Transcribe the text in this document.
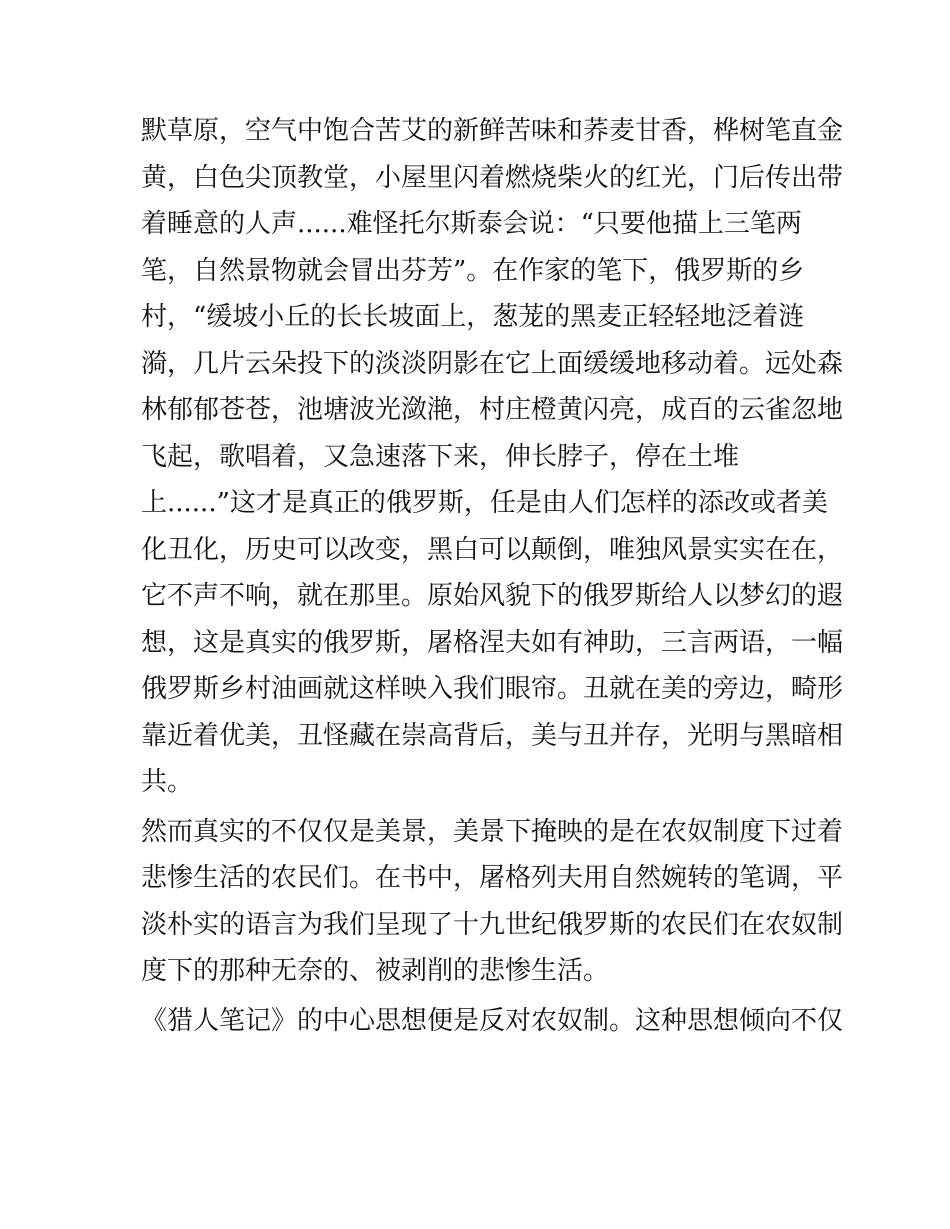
默草原，空气中饱合苦艾的新鲜苦味和荞麦甘香，桦树笔直金
黄，白色尖顶教堂，小屋里闪着燃烧柴火的红光，门后传出带
着睡意的人声......难怪托尔斯泰会说：“只要他描上三笔两
笔，自然景物就会冒出芬芳”。在作家的笔下，俄罗斯的乡
村，“缓坡小丘的长长坡面上，葱茏的黑麦正轻轻地泛着涟
漪，几片云朵投下的淡淡阴影在它上面缓缓地移动着。远处森
林郁郁苍苍，池塘波光潋滟，村庄橙黄闪亮，成百的云雀忽地
飞起，歌唱着，又急速落下来，伸长脖子，停在土堆
上......”这才是真正的俄罗斯，任是由人们怎样的添改或者美
化丑化，历史可以改变，黑白可以颠倒，唯独风景实实在在，
它不声不响，就在那里。原始风貌下的俄罗斯给人以梦幻的遐
想，这是真实的俄罗斯，屠格涅夫如有神助，三言两语，一幅
俄罗斯乡村油画就这样映入我们眼帘。丑就在美的旁边，畸形
靠近着优美，丑怪藏在崇高背后，美与丑并存，光明与黑暗相
共。
然而真实的不仅仅是美景，美景下掩映的是在农奴制度下过着
悲惨生活的农民们。在书中，屠格列夫用自然婉转的笔调，平
淡朴实的语言为我们呈现了十九世纪俄罗斯的农民们在农奴制
度下的那种无奈的、被剥削的悲惨生活。
《猎人笔记》的中心思想便是反对农奴制。这种思想倾向不仅
